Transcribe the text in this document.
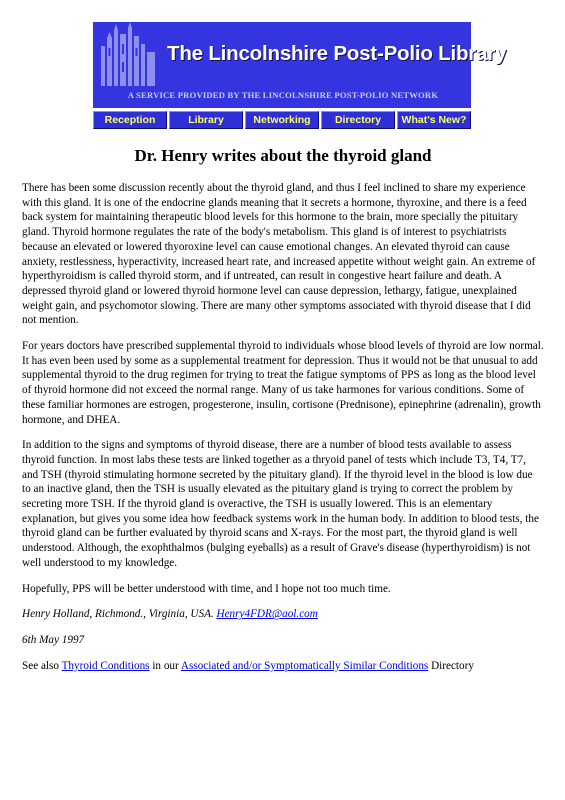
The Lincolnshire Post-Polio Library
A SERVICE PROVIDED BY THE LINCOLNSHIRE POST-POLIO NETWORK
Reception	Library	Networking	Directory	What's New?
Dr. Henry writes about the thyroid gland

There has been some discussion recently about the thyroid gland, and thus I feel inclined to share my experience with this gland. It is one of the endocrine glands meaning that it secrets a hormone, thyroxine, and there is a feed back system for maintaining therapeutic blood levels for this hormone to the brain, more specially the pituitary gland. Thyroid hormone regulates the rate of the body's metabolism. This gland is of interest to psychiatrists because an elevated or lowered thyoroxine level can cause emotional changes. An elevated thyroid can cause anxiety, restlessness, hyperactivity, increased heart rate, and increased appetite without weight gain. An extreme of hyperthyroidism is called thyroid storm, and if untreated, can result in congestive heart failure and death. A depressed thyroid gland or lowered thyroid hormone level can cause depression, lethargy, fatigue, unexplained weight gain, and psychomotor slowing. There are many other symptoms associated with thyroid disease that I did not mention.

For years doctors have prescribed supplemental thyroid to individuals whose blood levels of thyroid are low normal. It has even been used by some as a supplemental treatment for depression. Thus it would not be that unusual to add supplemental thyroid to the drug regimen for trying to treat the fatigue symptoms of PPS as long as the blood level of thyroid hormone did not exceed the normal range. Many of us take harmones for various conditions. Some of these familiar hormones are estrogen, progesterone, insulin, cortisone (Prednisone), epinephrine (adrenalin), growth hormone, and DHEA.

In addition to the signs and symptoms of thyroid disease, there are a number of blood tests available to assess thyroid function. In most labs these tests are linked together as a thryoid panel of tests which include T3, T4, T7, and TSH (thyroid stimulating hormone secreted by the pituitary gland). If the thyroid level in the blood is low due to an inactive gland, then the TSH is usually elevated as the pituitary gland is trying to correct the problem by secreting more TSH. If the thyroid gland is overactive, the TSH is usually lowered. This is an elementary explanation, but gives you some idea how feedback systems work in the human body. In addition to blood tests, the thyroid gland can be further evaluated by thyroid scans and X-rays. For the most part, the thyroid gland is well understood. Although, the exophthalmos (bulging eyeballs) as a result of Grave's disease (hyperthyroidism) is not well understood to my knowledge.

Hopefully, PPS will be better understood with time, and I hope not too much time.

Henry Holland, Richmond., Virginia, USA. Henry4FDR@aol.com

6th May 1997

See also Thyroid Conditions in our Associated and/or Symptomatically Similar Conditions Directory
